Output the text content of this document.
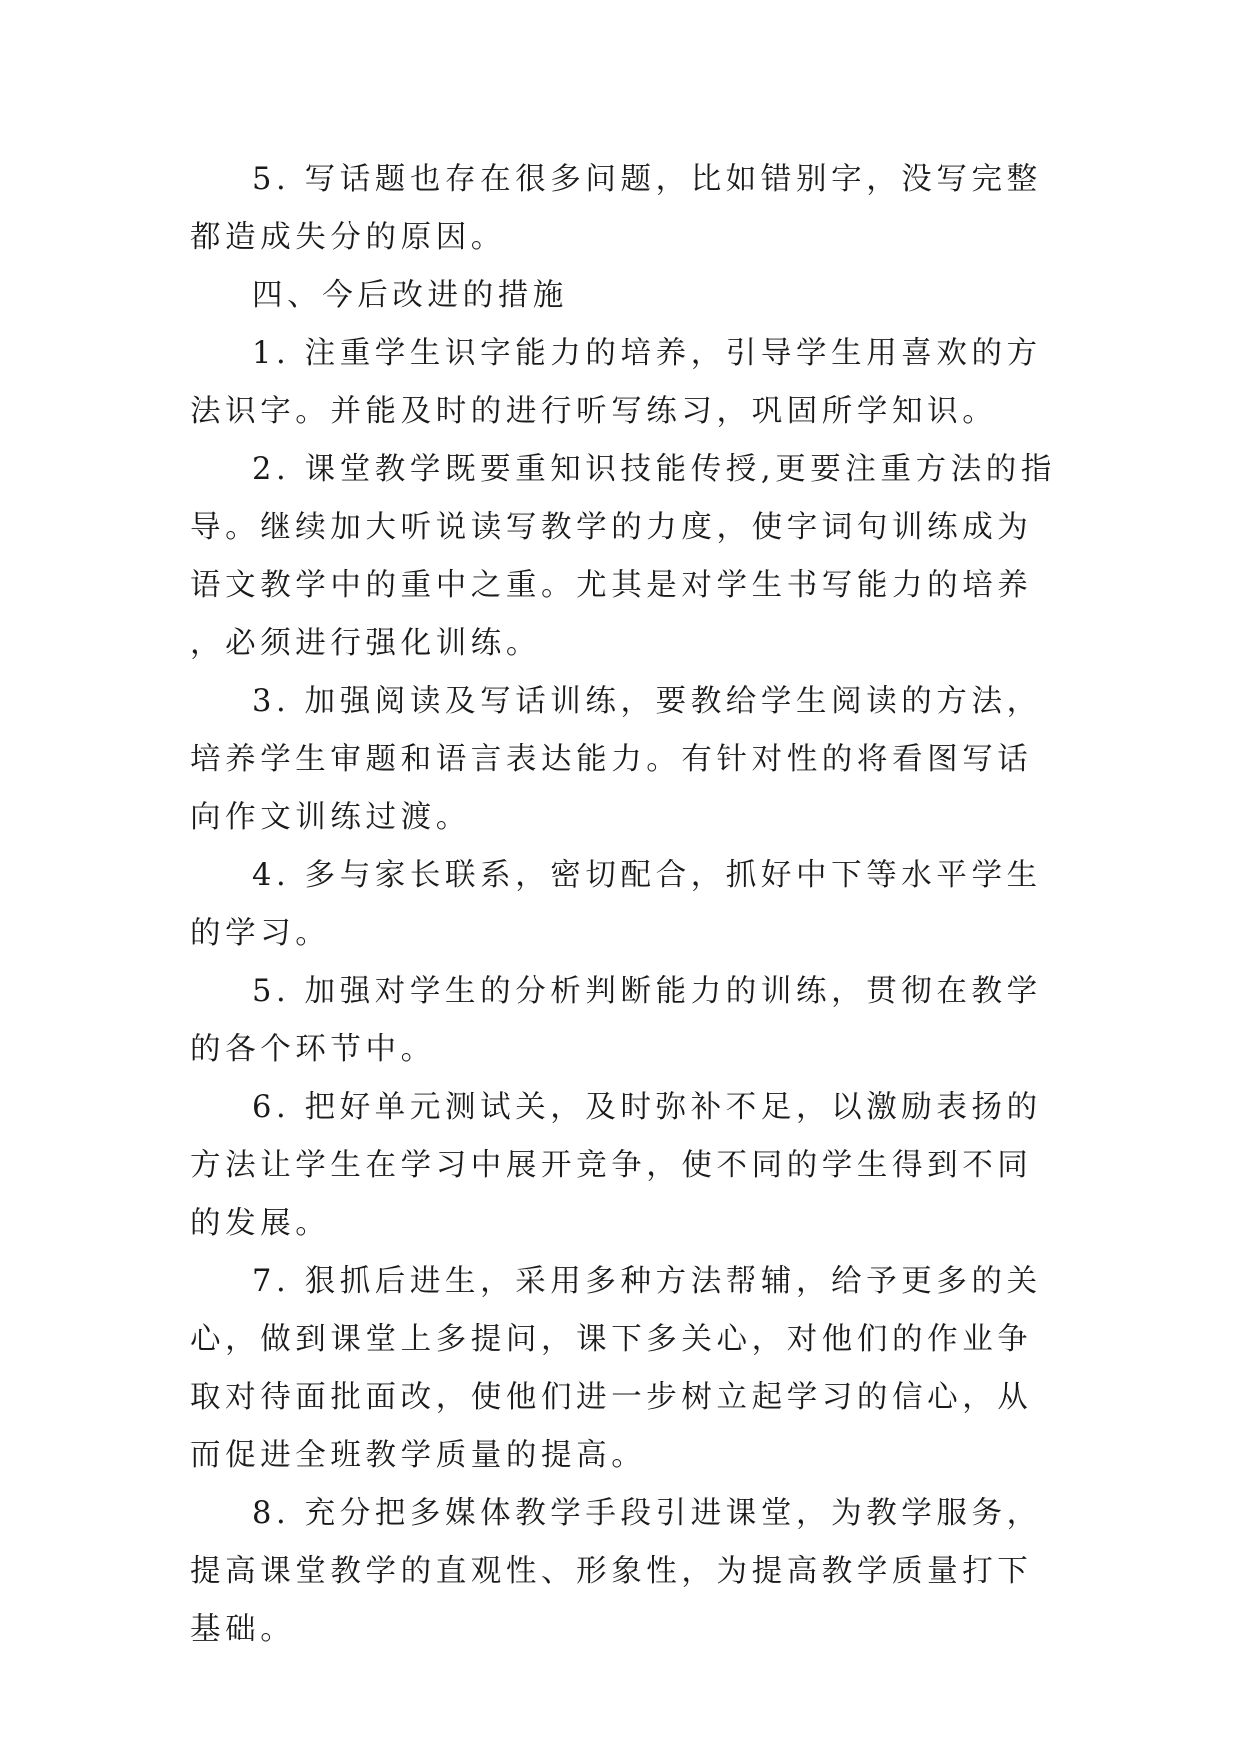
5. 写话题也存在很多问题，比如错别字，没写完整都造成失分的原因。

四、今后改进的措施

1. 注重学生识字能力的培养，引导学生用喜欢的方法识字。并能及时的进行听写练习，巩固所学知识。

2. 课堂教学既要重知识技能传授,更要注重方法的指导。继续加大听说读写教学的力度，使字词句训练成为语文教学中的重中之重。尤其是对学生书写能力的培养，必须进行强化训练。

3. 加强阅读及写话训练，要教给学生阅读的方法，培养学生审题和语言表达能力。有针对性的将看图写话向作文训练过渡。

4. 多与家长联系，密切配合，抓好中下等水平学生的学习。

5. 加强对学生的分析判断能力的训练，贯彻在教学的各个环节中。

6. 把好单元测试关，及时弥补不足，以激励表扬的方法让学生在学习中展开竞争，使不同的学生得到不同的发展。

7. 狠抓后进生，采用多种方法帮辅，给予更多的关心，做到课堂上多提问，课下多关心，对他们的作业争取对待面批面改，使他们进一步树立起学习的信心，从而促进全班教学质量的提高。

8. 充分把多媒体教学手段引进课堂，为教学服务，提高课堂教学的直观性、形象性，为提高教学质量打下基础。
